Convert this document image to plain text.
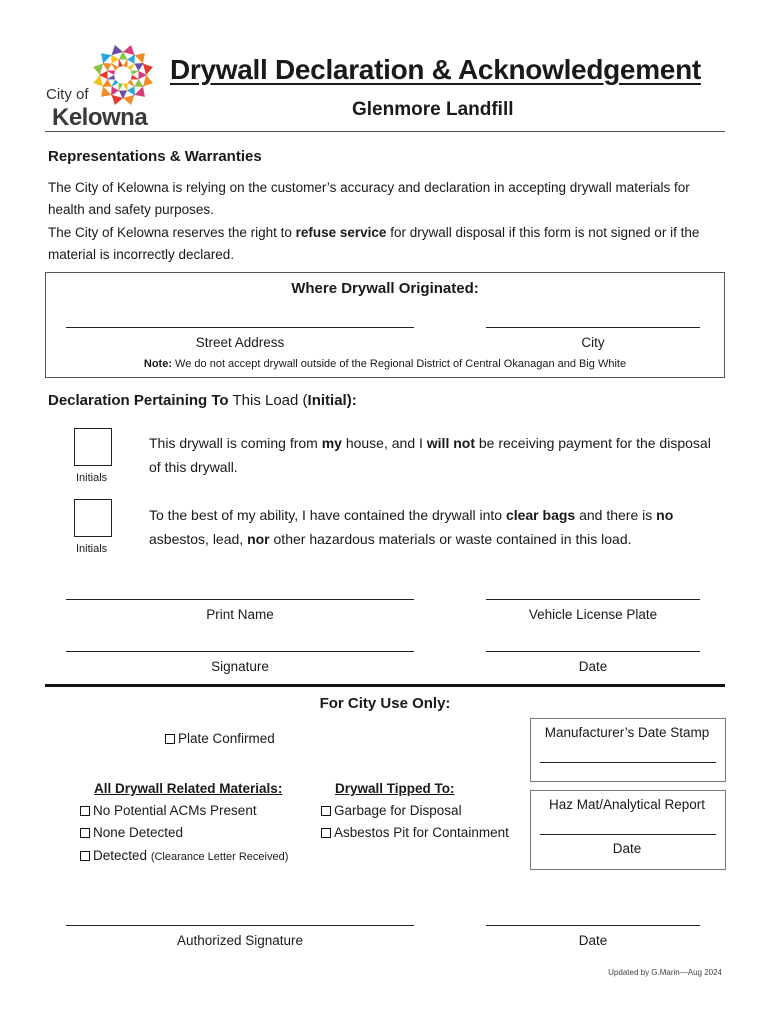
City of
Kelowna
Drywall Declaration & Acknowledgement
Glenmore Landfill
Representations & Warranties
The City of Kelowna is relying on the customer’s accuracy and declaration in accepting drywall materials for health and safety purposes.
The City of Kelowna reserves the right to refuse service for drywall disposal if this form is not signed or if the material is incorrectly declared.
Where Drywall Originated:
Street Address	City
Note: We do not accept drywall outside of the Regional District of Central Okanagan and Big White
Declaration Pertaining To This Load (Initial):
Initials
This drywall is coming from my house, and I will not be receiving payment for the disposal of this drywall.
Initials
To the best of my ability, I have contained the drywall into clear bags and there is no asbestos, lead, nor other hazardous materials or waste contained in this load.
Print Name	Vehicle License Plate
Signature	Date
For City Use Only:
Plate Confirmed
All Drywall Related Materials:
No Potential ACMs Present
None Detected
Detected (Clearance Letter Received)
Drywall Tipped To:
Garbage for Disposal
Asbestos Pit for Containment
Manufacturer’s Date Stamp
Haz Mat/Analytical Report
Date
Authorized Signature	Date
Updated by G.Marin—Aug 2024
